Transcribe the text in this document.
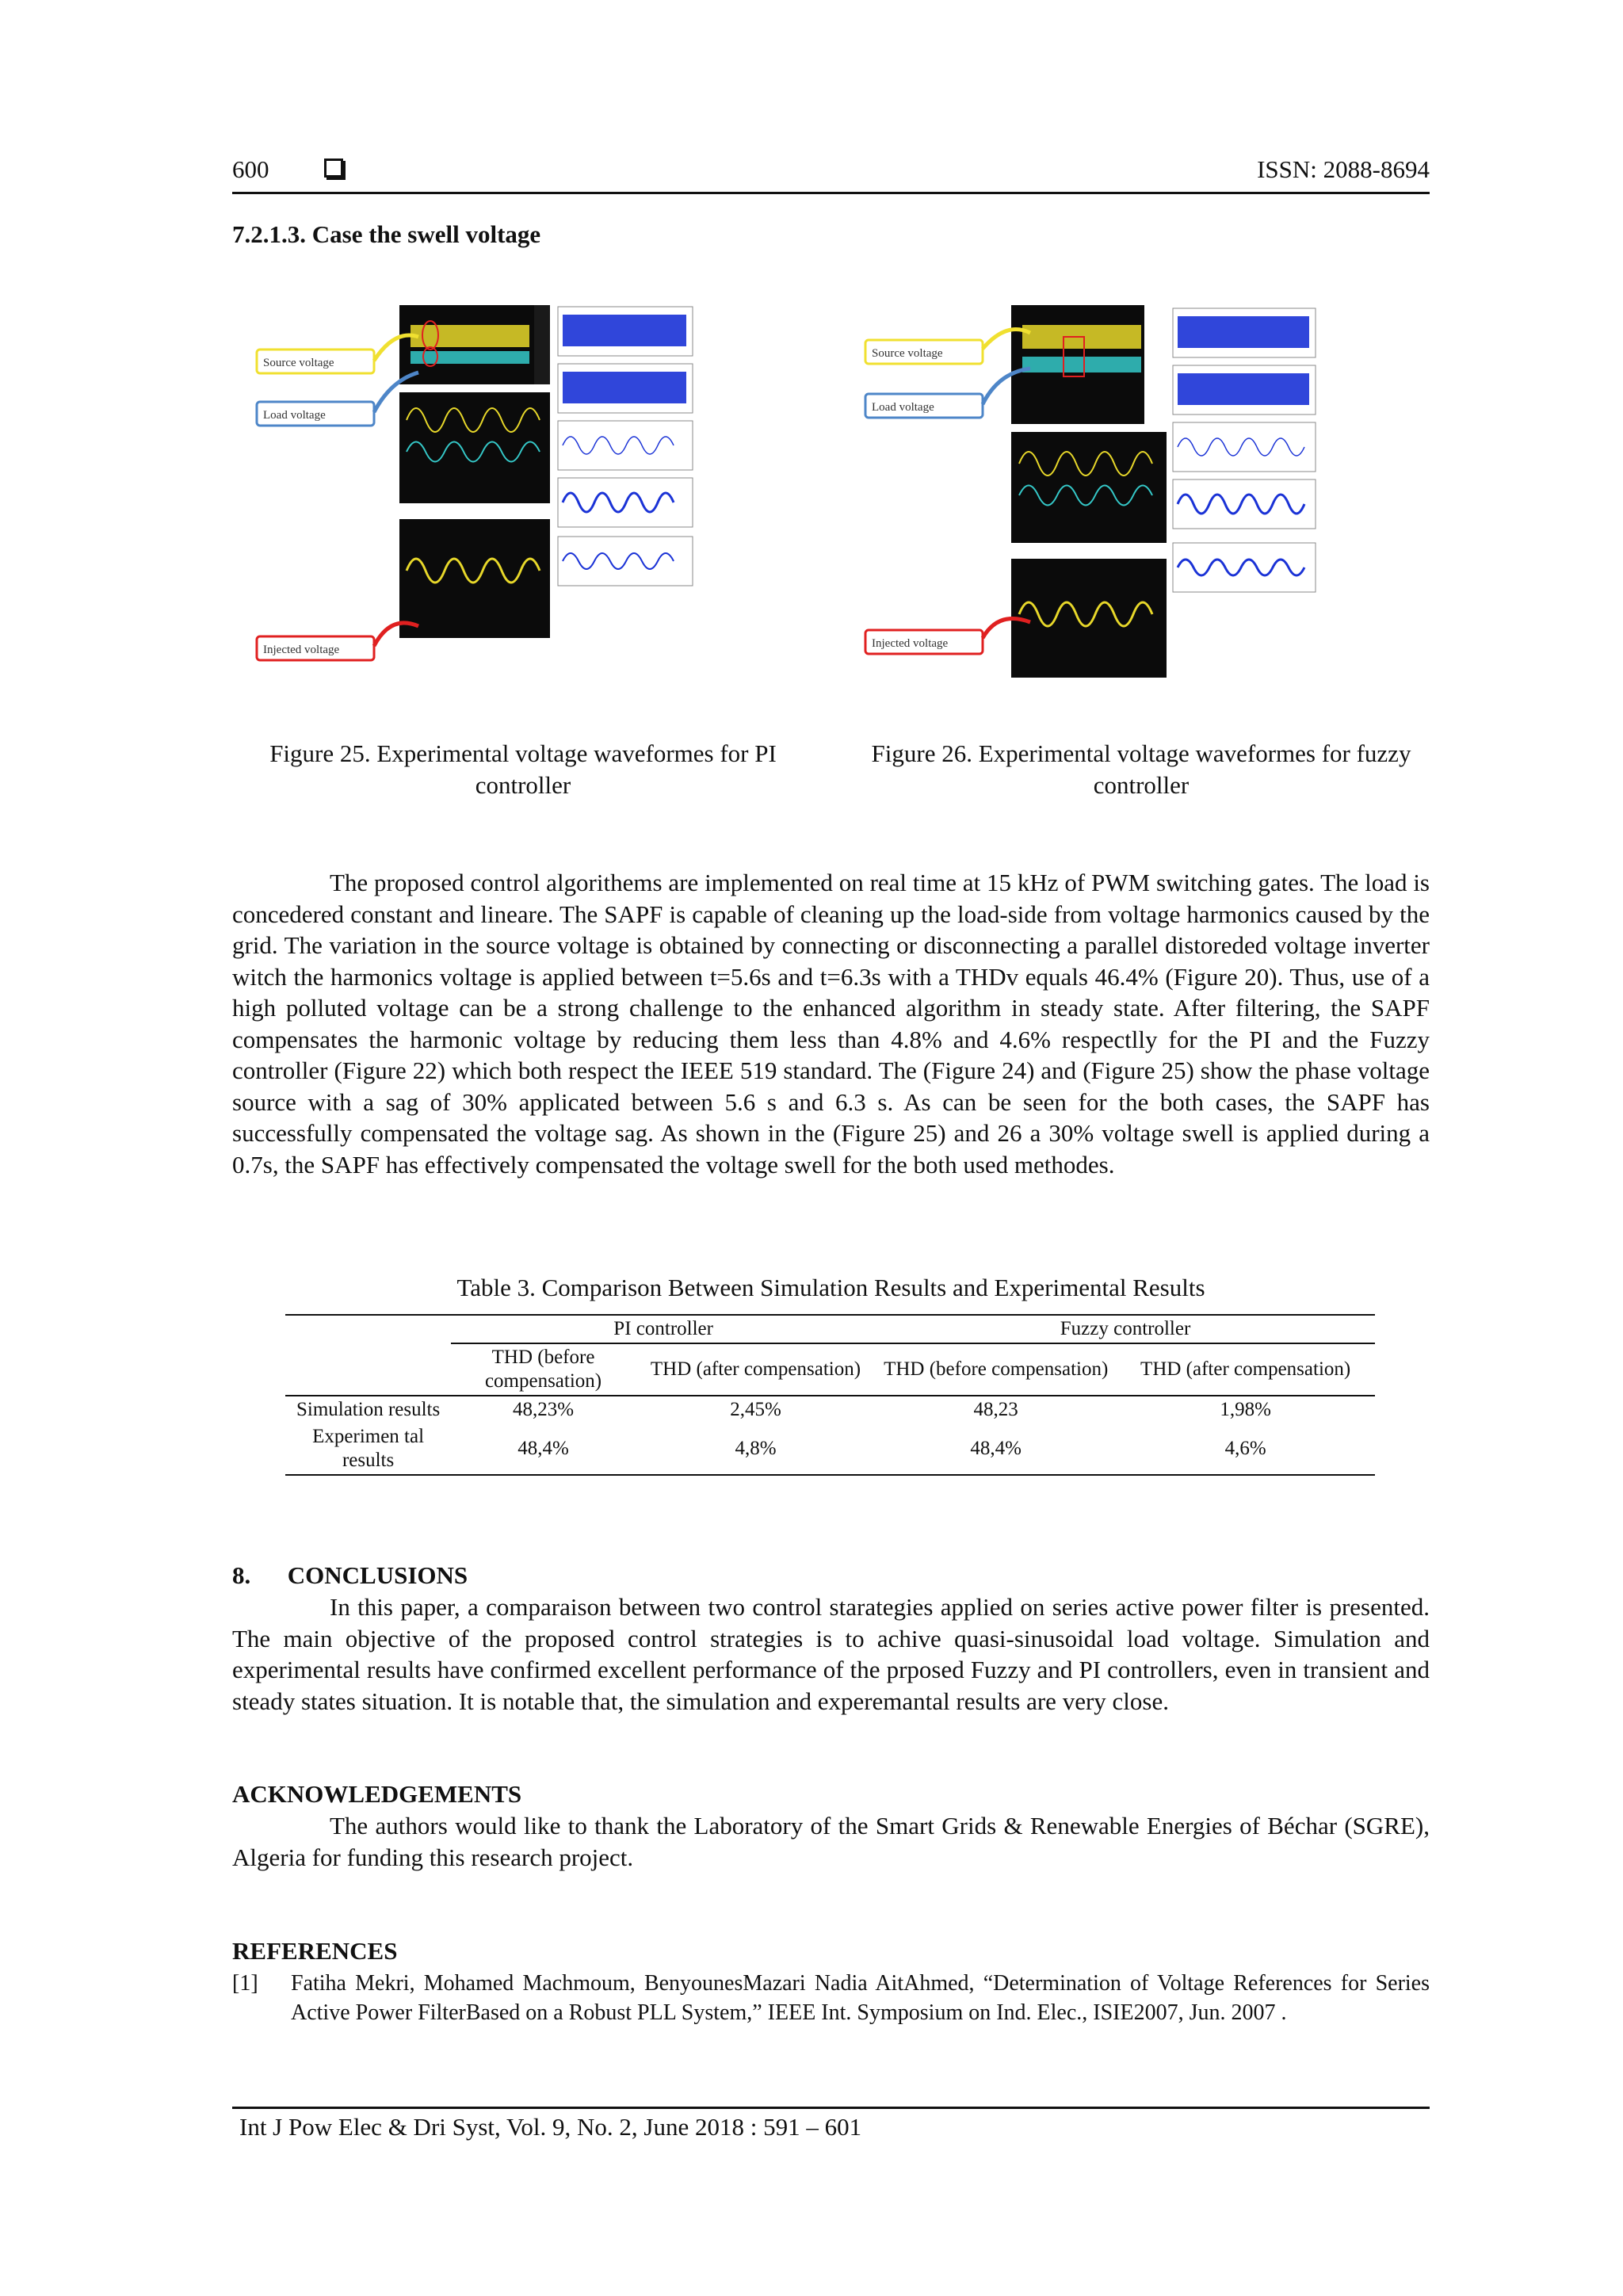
600	ISSN: 2088-8694
7.2.1.3. Case the swell voltage
Source voltage
Load voltage
Injected voltage
Source voltage
Load voltage
Injected voltage
Figure 25. Experimental voltage waveformes for PI controller
Figure 26. Experimental voltage waveformes for fuzzy controller

The proposed control algorithems are implemented on real time at 15 kHz of PWM switching gates. The load is concedered constant and lineare. The SAPF is capable of cleaning up the load-side from voltage harmonics caused by the grid. The variation in the source voltage is obtained by connecting or disconnecting a parallel distoreded voltage inverter witch the harmonics voltage is applied between t=5.6s and t=6.3s with a THDv equals 46.4% (Figure 20). Thus, use of a high polluted voltage can be a strong challenge to the enhanced algorithm in steady state. After filtering, the SAPF compensates the harmonic voltage by reducing them less than 4.8% and 4.6% respectlly for the PI and the Fuzzy controller (Figure 22) which both respect the IEEE 519 standard. The (Figure 24) and (Figure 25) show the phase voltage source with a sag of 30% applicated between 5.6 s and 6.3 s. As can be seen for the both cases, the SAPF has successfully compensated the voltage sag. As shown in the (Figure 25) and 26 a 30% voltage swell is applied during a 0.7s, the SAPF has effectively compensated the voltage swell for the both used methodes.

Table 3. Comparison Between Simulation Results and Experimental Results
	PI controller		Fuzzy controller	
	THD (before compensation)	THD (after compensation)	THD (before compensation)	THD (after compensation)
Simulation results	48,23%	2,45%	48,23	1,98%
Experimen tal results	48,4%	4,8%	48,4%	4,6%
8.      CONCLUSIONS

In this paper, a comparaison between two control starategies applied on series active power filter is presented. The main objective of the proposed control strategies is to achive quasi-sinusoidal load voltage. Simulation and experimental results have confirmed excellent performance of the prposed Fuzzy and PI controllers, even in transient and steady states situation. It is notable that, the simulation and experemantal results are very close.

ACKNOWLEDGEMENTS

The authors would like to thank the Laboratory of the Smart Grids & Renewable Energies of Béchar (SGRE), Algeria for funding this research project.

REFERENCES
[1] Fatiha Mekri, Mohamed Machmoum, BenyounesMazari Nadia AitAhmed, “Determination of Voltage References for Series Active Power FilterBased on a Robust PLL System,” IEEE Int. Symposium on Ind. Elec., ISIE2007, Jun. 2007 .
Int J Pow Elec & Dri Syst, Vol. 9, No. 2, June 2018 : 591 – 601
